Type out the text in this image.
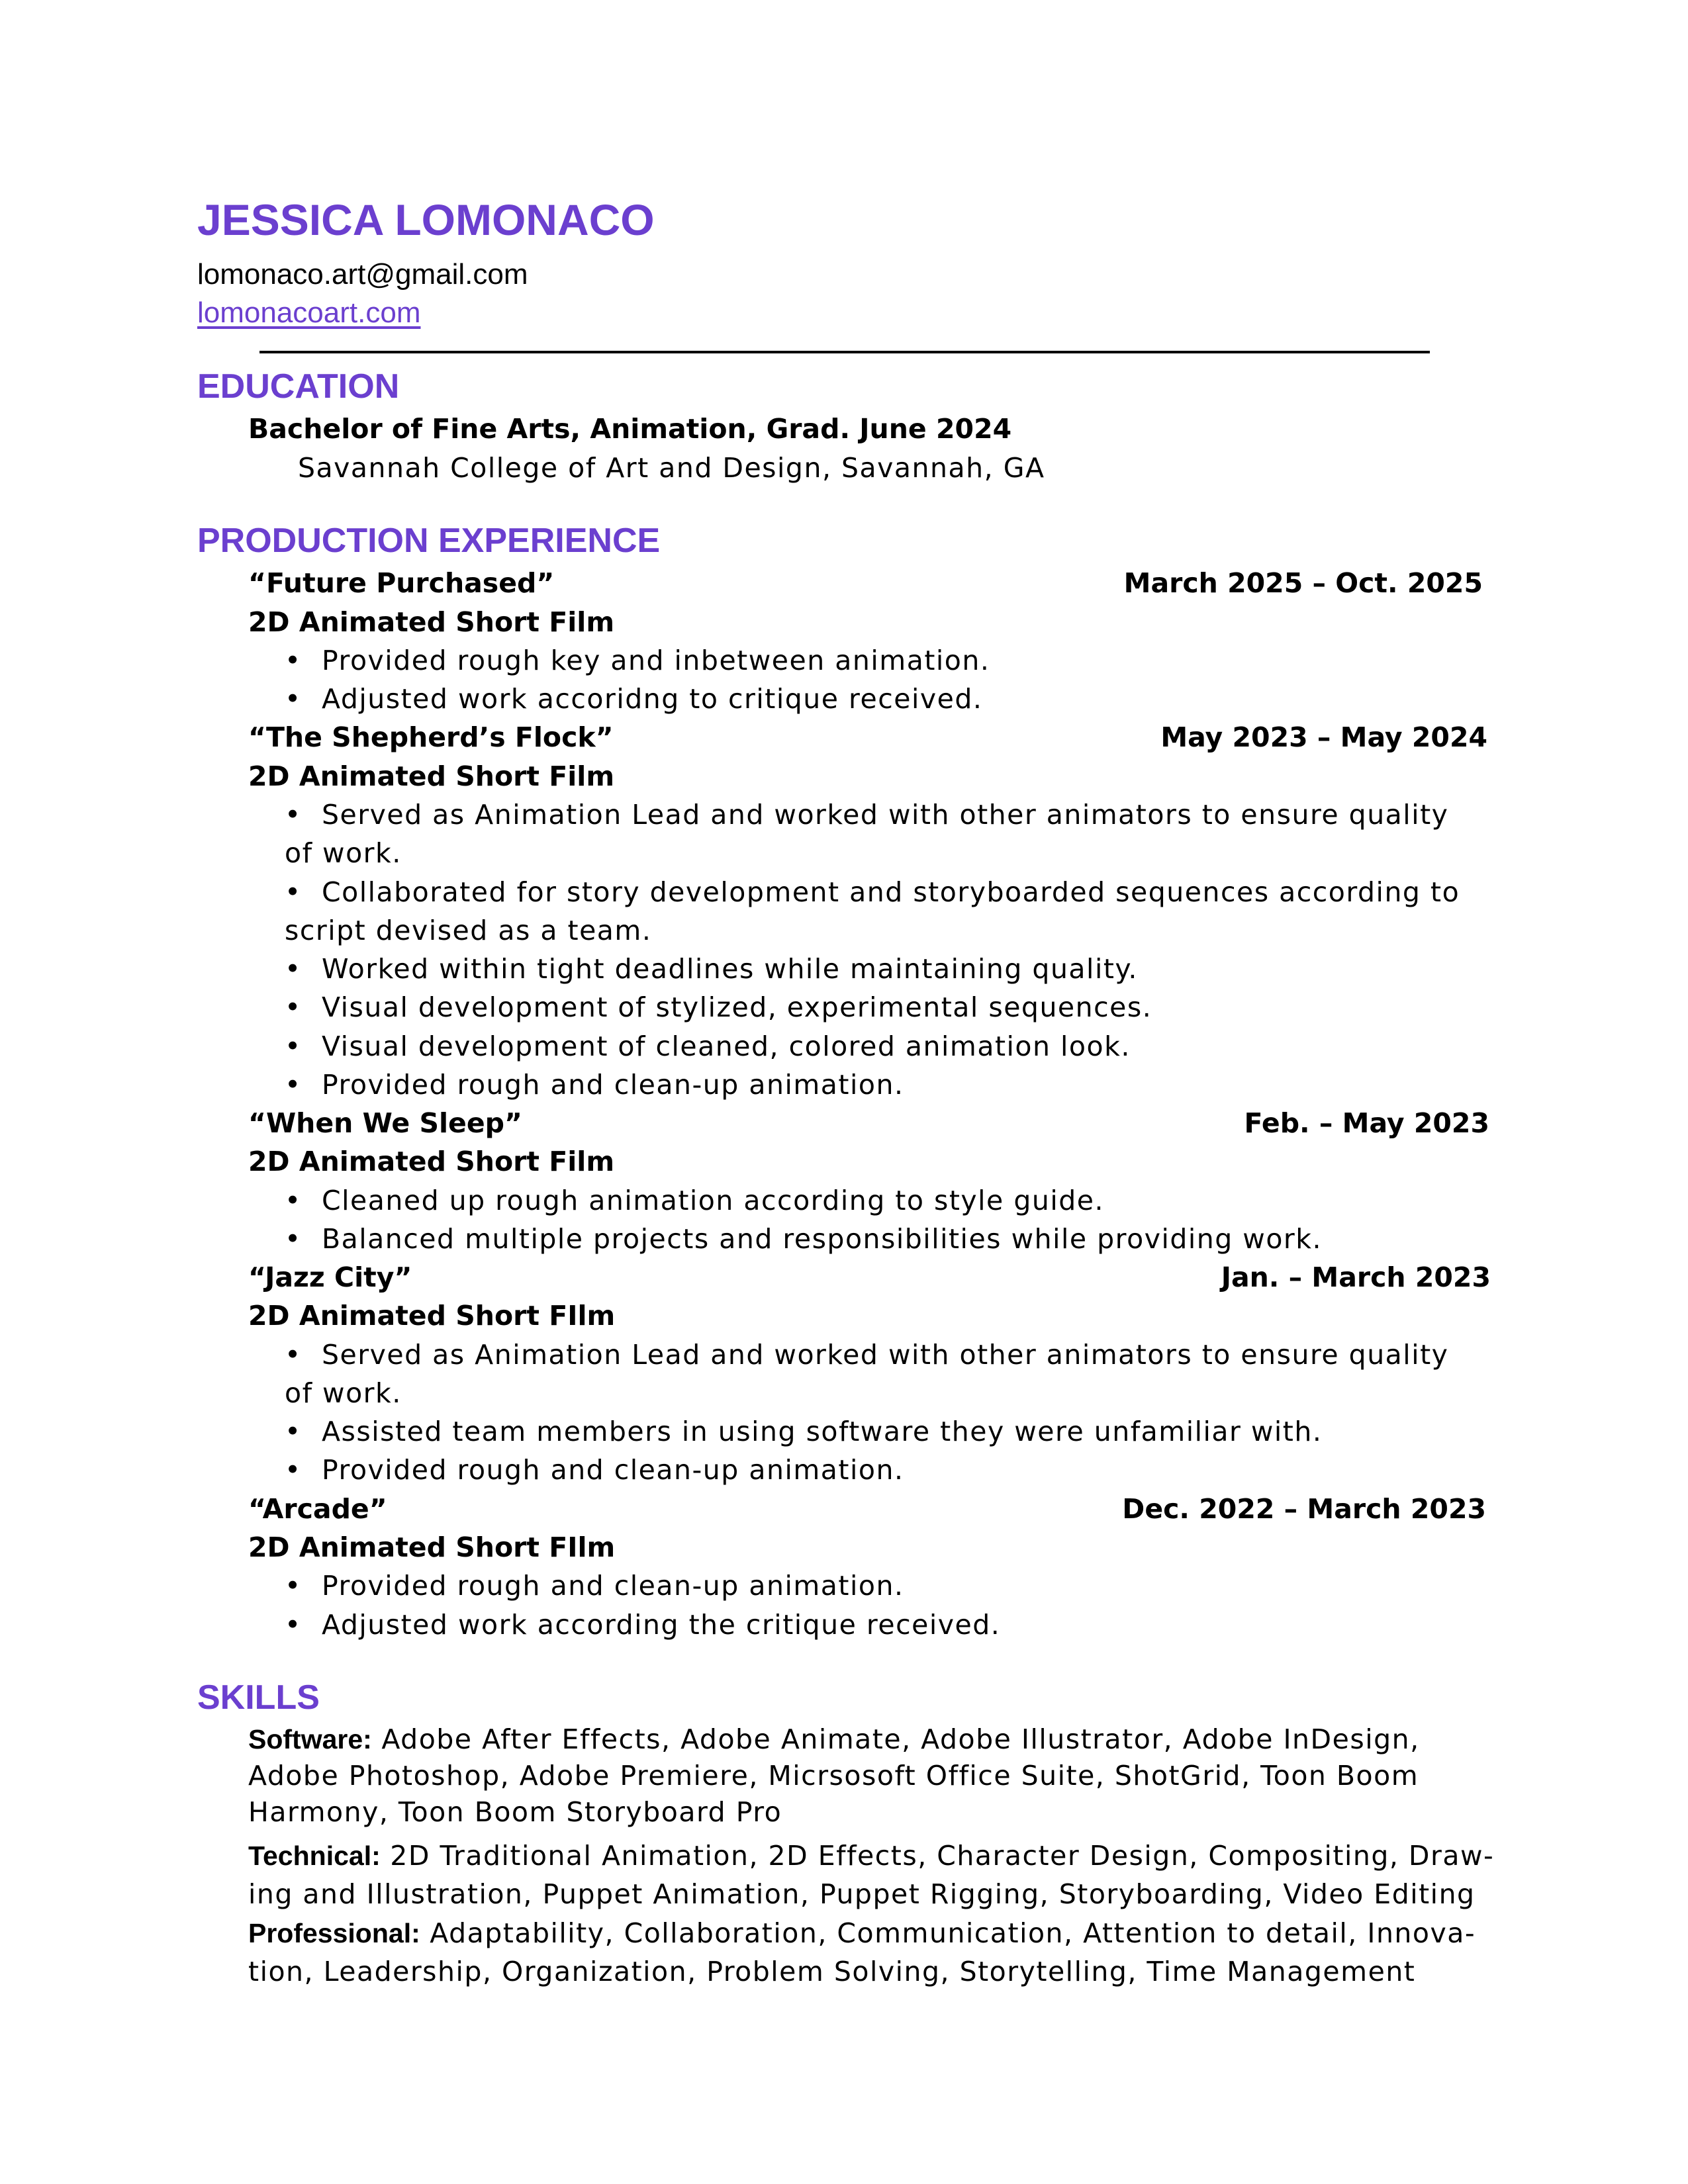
JESSICA LOMONACO
lomonaco.art@gmail.com
lomonacoart.com
EDUCATION
Bachelor of Fine Arts, Animation, Grad. June 2024
Savannah College of Art and Design, Savannah, GA
PRODUCTION EXPERIENCE
“Future Purchased”	March 2025 – Oct. 2025
2D Animated Short Film
• Provided rough key and inbetween animation.
• Adjusted work accoridng to critique received.
“The Shepherd’s Flock”	May 2023 – May 2024
2D Animated Short Film
• Served as Animation Lead and worked with other animators to ensure quality
of work.
• Collaborated for story development and storyboarded sequences according to
script devised as a team.
• Worked within tight deadlines while maintaining quality.
• Visual development of stylized, experimental sequences.
• Visual development of cleaned, colored animation look.
• Provided rough and clean-up animation.
“When We Sleep”	Feb. – May 2023
2D Animated Short Film
• Cleaned up rough animation according to style guide.
• Balanced multiple projects and responsibilities while providing work.
“Jazz City”	Jan. – March 2023
2D Animated Short FIlm
• Served as Animation Lead and worked with other animators to ensure quality
of work.
• Assisted team members in using software they were unfamiliar with.
• Provided rough and clean-up animation.
“Arcade”	Dec. 2022 – March 2023
2D Animated Short FIlm
• Provided rough and clean-up animation.
• Adjusted work according the critique received.
SKILLS
Software: Adobe After Effects, Adobe Animate, Adobe Illustrator, Adobe InDesign,
Adobe Photoshop, Adobe Premiere, Micrsosoft Office Suite, ShotGrid, Toon Boom
Harmony, Toon Boom Storyboard Pro
Technical: 2D Traditional Animation, 2D Effects, Character Design, Compositing, Draw-
ing and Illustration, Puppet Animation, Puppet Rigging, Storyboarding, Video Editing
Professional: Adaptability, Collaboration, Communication, Attention to detail, Innova-
tion, Leadership, Organization, Problem Solving, Storytelling, Time Management
